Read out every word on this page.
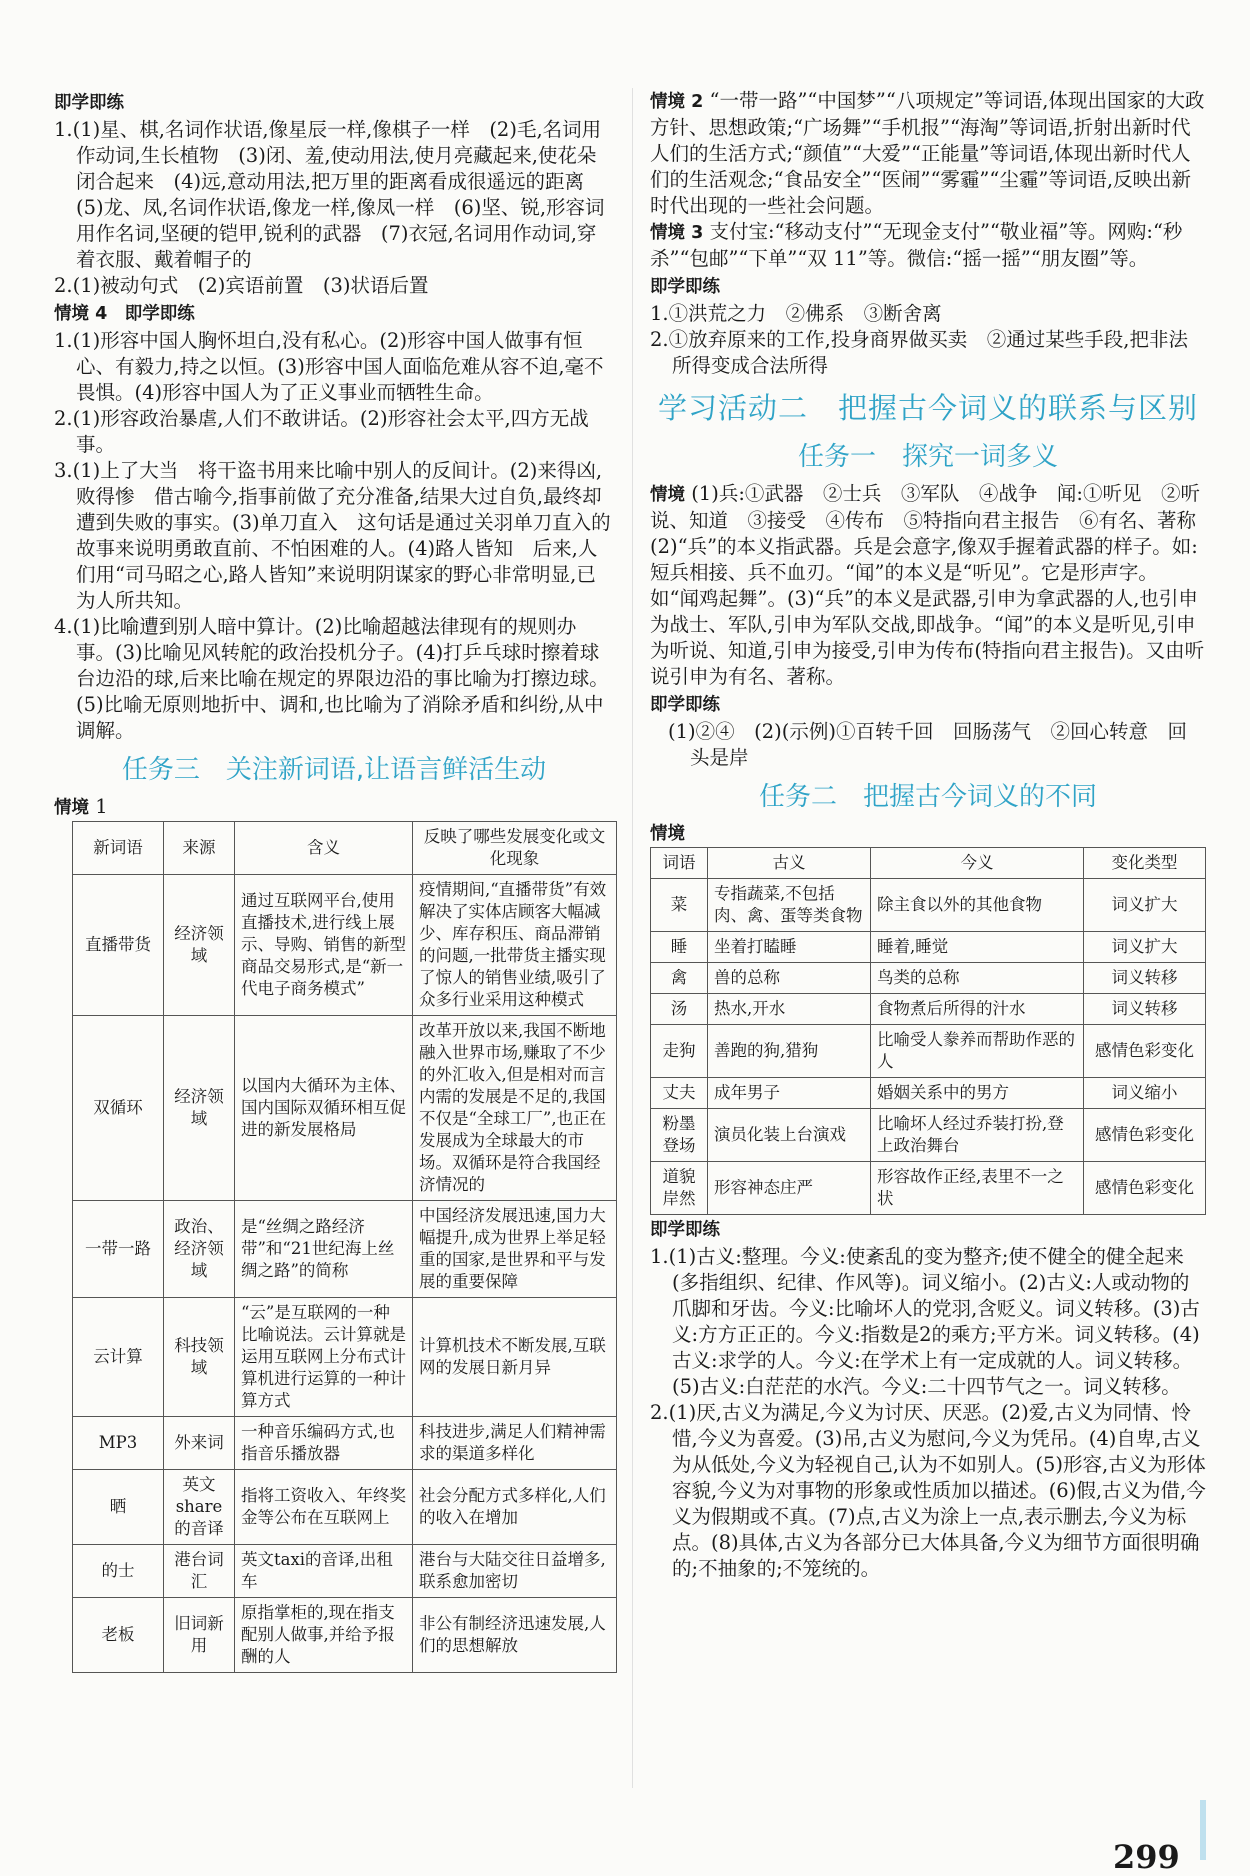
即学即练

1.(1)星、棋,名词作状语,像星辰一样,像棋子一样　(2)毛,名词用作动词,生长植物　(3)闭、羞,使动用法,使月亮藏起来,使花朵闭合起来　(4)远,意动用法,把万里的距离看成很遥远的距离　(5)龙、凤,名词作状语,像龙一样,像凤一样　(6)坚、锐,形容词用作名词,坚硬的铠甲,锐利的武器　(7)衣冠,名词用作动词,穿着衣服、戴着帽子的

2.(1)被动句式　(2)宾语前置　(3)状语后置

情境 4　即学即练

1.(1)形容中国人胸怀坦白,没有私心。(2)形容中国人做事有恒心、有毅力,持之以恒。(3)形容中国人面临危难从容不迫,毫不畏惧。(4)形容中国人为了正义事业而牺牲生命。

2.(1)形容政治暴虐,人们不敢讲话。(2)形容社会太平,四方无战事。

3.(1)上了大当　将干盗书用来比喻中别人的反间计。(2)来得凶,败得惨　借古喻今,指事前做了充分准备,结果大过自负,最终却遭到失败的事实。(3)单刀直入　这句话是通过关羽单刀直入的故事来说明勇敢直前、不怕困难的人。(4)路人皆知　后来,人们用“司马昭之心,路人皆知”来说明阴谋家的野心非常明显,已为人所共知。

4.(1)比喻遭到别人暗中算计。(2)比喻超越法律现有的规则办事。(3)比喻见风转舵的政治投机分子。(4)打乒乓球时擦着球台边沿的球,后来比喻在规定的界限边沿的事比喻为打擦边球。(5)比喻无原则地折中、调和,也比喻为了消除矛盾和纠纷,从中调解。

任务三　关注新词语,让语言鲜活生动
情境 1
新词语	来源	含义	反映了哪些发展变化或文化现象
直播带货	经济领域	通过互联网平台,使用直播技术,进行线上展示、导购、销售的新型商品交易形式,是“新一代电子商务模式”	疫情期间,“直播带货”有效解决了实体店顾客大幅减少、库存积压、商品滞销的问题,一批带货主播实现了惊人的销售业绩,吸引了众多行业采用这种模式
双循环	经济领域	以国内大循环为主体、国内国际双循环相互促进的新发展格局	改革开放以来,我国不断地融入世界市场,赚取了不少的外汇收入,但是相对而言内需的发展是不足的,我国不仅是“全球工厂”,也正在发展成为全球最大的市场。双循环是符合我国经济情况的
一带一路	政治、经济领域	是“丝绸之路经济带”和“21世纪海上丝绸之路”的简称	中国经济发展迅速,国力大幅提升,成为世界上举足轻重的国家,是世界和平与发展的重要保障
云计算	科技领域	“云”是互联网的一种比喻说法。云计算就是运用互联网上分布式计算机进行运算的一种计算方式	计算机技术不断发展,互联网的发展日新月异
MP3	外来词	一种音乐编码方式,也指音乐播放器	科技进步,满足人们精神需求的渠道多样化
晒	英文share的音译	指将工资收入、年终奖金等公布在互联网上	社会分配方式多样化,人们的收入在增加
的士	港台词汇	英文taxi的音译,出租车	港台与大陆交往日益增多,联系愈加密切
老板	旧词新用	原指掌柜的,现在指支配别人做事,并给予报酬的人	非公有制经济迅速发展,人们的思想解放

情境 2 “一带一路”“中国梦”“八项规定”等词语,体现出国家的大政方针、思想政策;“广场舞”“手机报”“海淘”等词语,折射出新时代人们的生活方式;“颜值”“大爱”“正能量”等词语,体现出新时代人们的生活观念;“食品安全”“医闹”“雾霾”“尘霾”等词语,反映出新时代出现的一些社会问题。

情境 3 支付宝:“移动支付”“无现金支付”“敬业福”等。网购:“秒杀”“包邮”“下单”“双 11”等。微信:“摇一摇”“朋友圈”等。

即学即练

1.①洪荒之力　②佛系　③断舍离

2.①放弃原来的工作,投身商界做买卖　②通过某些手段,把非法所得变成合法所得

学习活动二　把握古今词义的联系与区别
任务一　探究一词多义

情境 (1)兵:①武器　②士兵　③军队　④战争　闻:①听见　②听说、知道　③接受　④传布　⑤特指向君主报告　⑥有名、著称　(2)“兵”的本义指武器。兵是会意字,像双手握着武器的样子。如:短兵相接、兵不血刃。“闻”的本义是“听见”。它是形声字。如“闻鸡起舞”。(3)“兵”的本义是武器,引申为拿武器的人,也引申为战士、军队,引申为军队交战,即战争。“闻”的本义是听见,引申为听说、知道,引申为接受,引申为传布(特指向君主报告)。又由听说引申为有名、著称。

即学即练

(1)②④　(2)(示例)①百转千回　回肠荡气　②回心转意　回头是岸

任务二　把握古今词义的不同
情境
词语	古义	今义	变化类型
菜	专指蔬菜,不包括肉、禽、蛋等类食物	除主食以外的其他食物	词义扩大
睡	坐着打瞌睡	睡着,睡觉	词义扩大
禽	兽的总称	鸟类的总称	词义转移
汤	热水,开水	食物煮后所得的汁水	词义转移
走狗	善跑的狗,猎狗	比喻受人豢养而帮助作恶的人	感情色彩变化
丈夫	成年男子	婚姻关系中的男方	词义缩小
粉墨登场	演员化装上台演戏	比喻坏人经过乔装打扮,登上政治舞台	感情色彩变化
道貌岸然	形容神态庄严	形容故作正经,表里不一之状	感情色彩变化
即学即练

1.(1)古义:整理。今义:使紊乱的变为整齐;使不健全的健全起来(多指组织、纪律、作风等)。词义缩小。(2)古义:人或动物的爪脚和牙齿。今义:比喻坏人的党羽,含贬义。词义转移。(3)古义:方方正正的。今义:指数是2的乘方;平方米。词义转移。(4)古义:求学的人。今义:在学术上有一定成就的人。词义转移。(5)古义:白茫茫的水汽。今义:二十四节气之一。词义转移。

2.(1)厌,古义为满足,今义为讨厌、厌恶。(2)爱,古义为同情、怜惜,今义为喜爱。(3)吊,古义为慰问,今义为凭吊。(4)自卑,古义为从低处,今义为轻视自己,认为不如别人。(5)形容,古义为形体容貌,今义为对事物的形象或性质加以描述。(6)假,古义为借,今义为假期或不真。(7)点,古义为涂上一点,表示删去,今义为标点。(8)具体,古义为各部分已大体具备,今义为细节方面很明确的;不抽象的;不笼统的。

299
